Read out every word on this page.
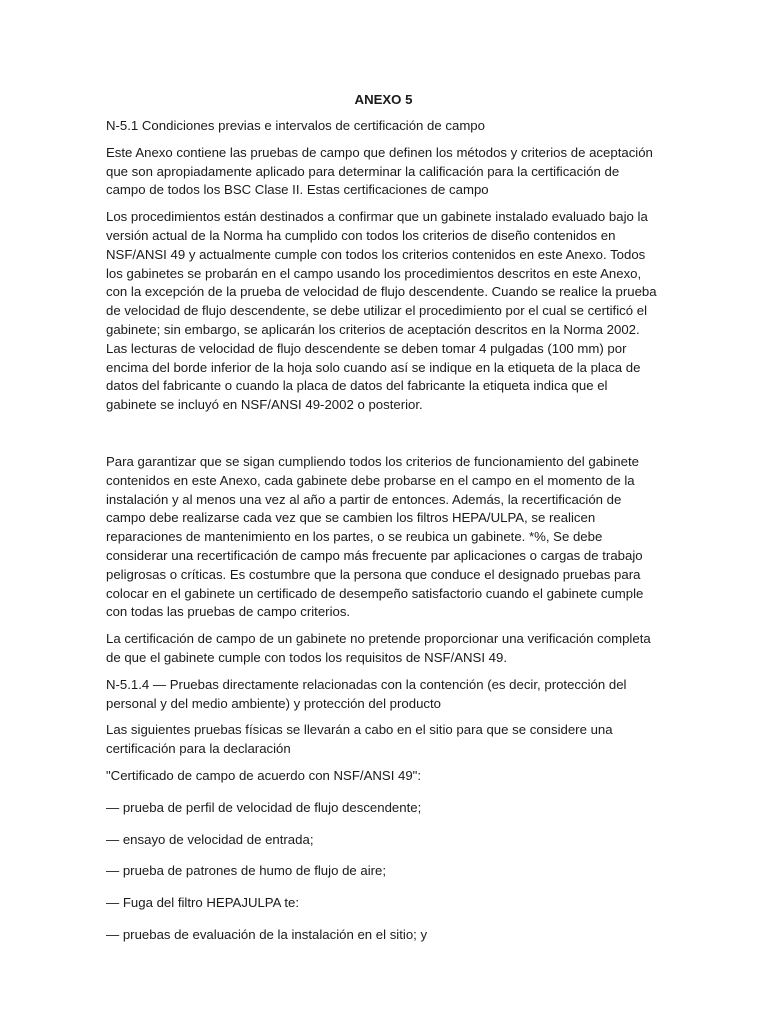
ANEXO 5

N-5.1 Condiciones previas e intervalos de certificación de campo

Este Anexo contiene las pruebas de campo que definen los métodos y criterios de aceptación que son apropiadamente aplicado para determinar la calificación para la certificación de campo de todos los BSC Clase II. Estas certificaciones de campo

Los procedimientos están destinados a confirmar que un gabinete instalado evaluado bajo la versión actual de la Norma ha cumplido con todos los criterios de diseño contenidos en NSF/ANSI 49 y actualmente cumple con todos los criterios contenidos en este Anexo. Todos los gabinetes se probarán en el campo usando los procedimientos descritos en este Anexo, con la excepción de la prueba de velocidad de flujo descendente. Cuando se realice la prueba de velocidad de flujo descendente, se debe utilizar el procedimiento por el cual se certificó el gabinete; sin embargo, se aplicarán los criterios de aceptación descritos en la Norma 2002. Las lecturas de velocidad de flujo descendente se deben tomar 4 pulgadas (100 mm) por encima del borde inferior de la hoja solo cuando así se indique en la etiqueta de la placa de datos del fabricante o cuando la placa de datos del fabricante la etiqueta indica que el gabinete se incluyó en NSF/ANSI 49-2002 o posterior.

Para garantizar que se sigan cumpliendo todos los criterios de funcionamiento del gabinete contenidos en este Anexo, cada gabinete debe probarse en el campo en el momento de la instalación y al menos una vez al año a partir de entonces. Además, la recertificación de campo debe realizarse cada vez que se cambien los filtros HEPA/ULPA, se realicen reparaciones de mantenimiento en los partes, o se reubica un gabinete. *%, Se debe considerar una recertificación de campo más frecuente par aplicaciones o cargas de trabajo peligrosas o críticas. Es costumbre que la persona que conduce el designado pruebas para colocar en el gabinete un certificado de desempeño satisfactorio cuando el gabinete cumple con todas las pruebas de campo criterios.

La certificación de campo de un gabinete no pretende proporcionar una verificación completa de que el gabinete cumple con todos los requisitos de NSF/ANSI 49.

N-5.1.4 — Pruebas directamente relacionadas con la contención (es decir, protección del personal y del medio ambiente) y protección del producto

Las siguientes pruebas físicas se llevarán a cabo en el sitio para que se considere una certificación para la declaración

"Certificado de campo de acuerdo con NSF/ANSI 49":

— prueba de perfil de velocidad de flujo descendente;

— ensayo de velocidad de entrada;

— prueba de patrones de humo de flujo de aire;

— Fuga del filtro HEPAJULPA te:

— pruebas de evaluación de la instalación en el sitio; y
